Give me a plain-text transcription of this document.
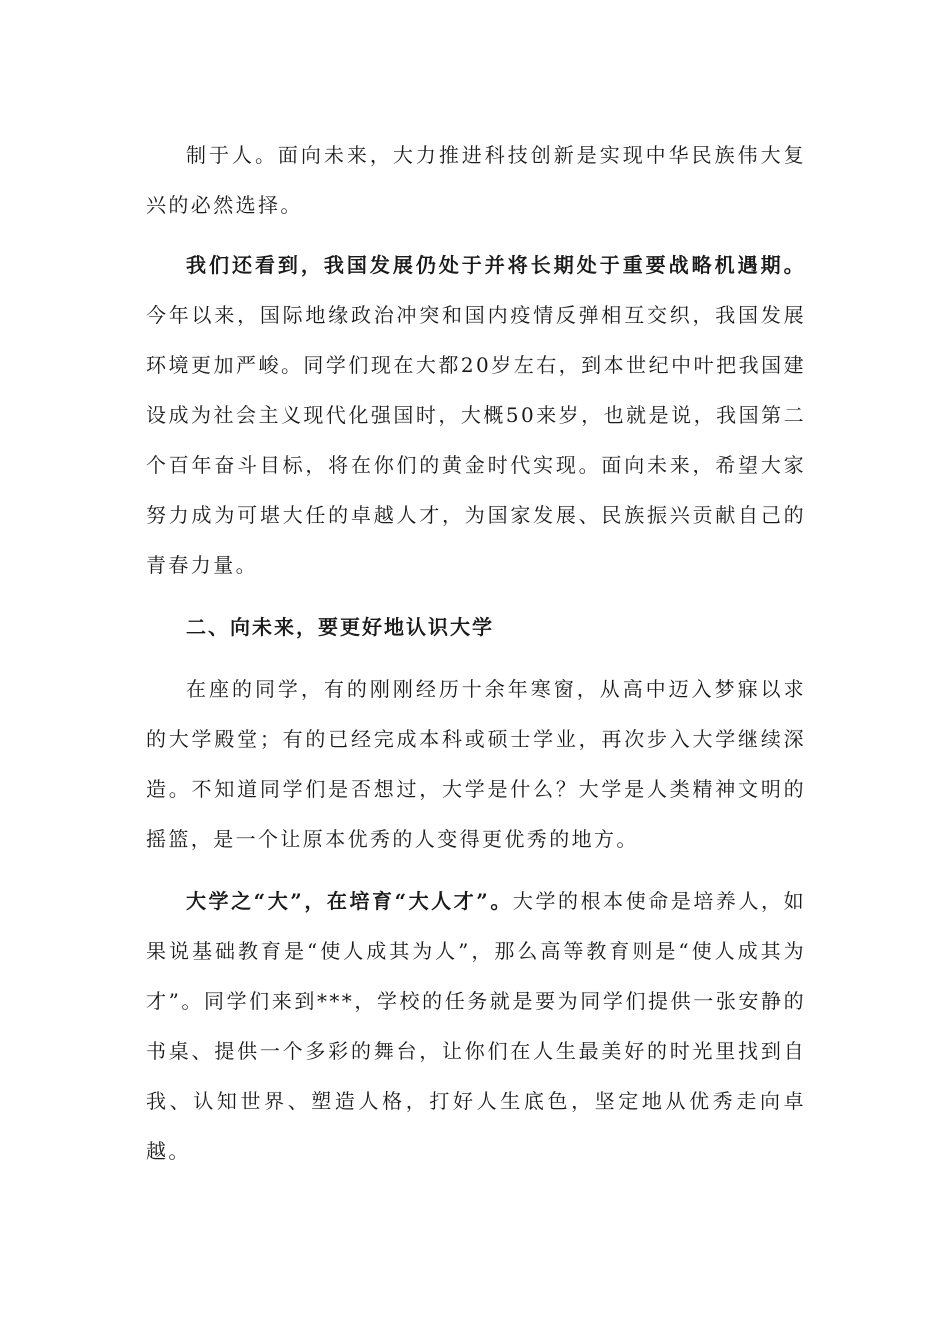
制于人。面向未来，大力推进科技创新是实现中华民族伟大复兴的必然选择。

我们还看到，我国发展仍处于并将长期处于重要战略机遇期。今年以来，国际地缘政治冲突和国内疫情反弹相互交织，我国发展环境更加严峻。同学们现在大都20岁左右，到本世纪中叶把我国建设成为社会主义现代化强国时，大概50来岁，也就是说，我国第二个百年奋斗目标，将在你们的黄金时代实现。面向未来，希望大家努力成为可堪大任的卓越人才，为国家发展、民族振兴贡献自己的青春力量。

二、向未来，要更好地认识大学

在座的同学，有的刚刚经历十余年寒窗，从高中迈入梦寐以求的大学殿堂；有的已经完成本科或硕士学业，再次步入大学继续深造。不知道同学们是否想过，大学是什么？大学是人类精神文明的摇篮，是一个让原本优秀的人变得更优秀的地方。

大学之“大”，在培育“大人才”。大学的根本使命是培养人，如果说基础教育是“使人成其为人”，那么高等教育则是“使人成其为才”。同学们来到***，学校的任务就是要为同学们提供一张安静的书桌、提供一个多彩的舞台，让你们在人生最美好的时光里找到自我、认知世界、塑造人格，打好人生底色，坚定地从优秀走向卓越。
